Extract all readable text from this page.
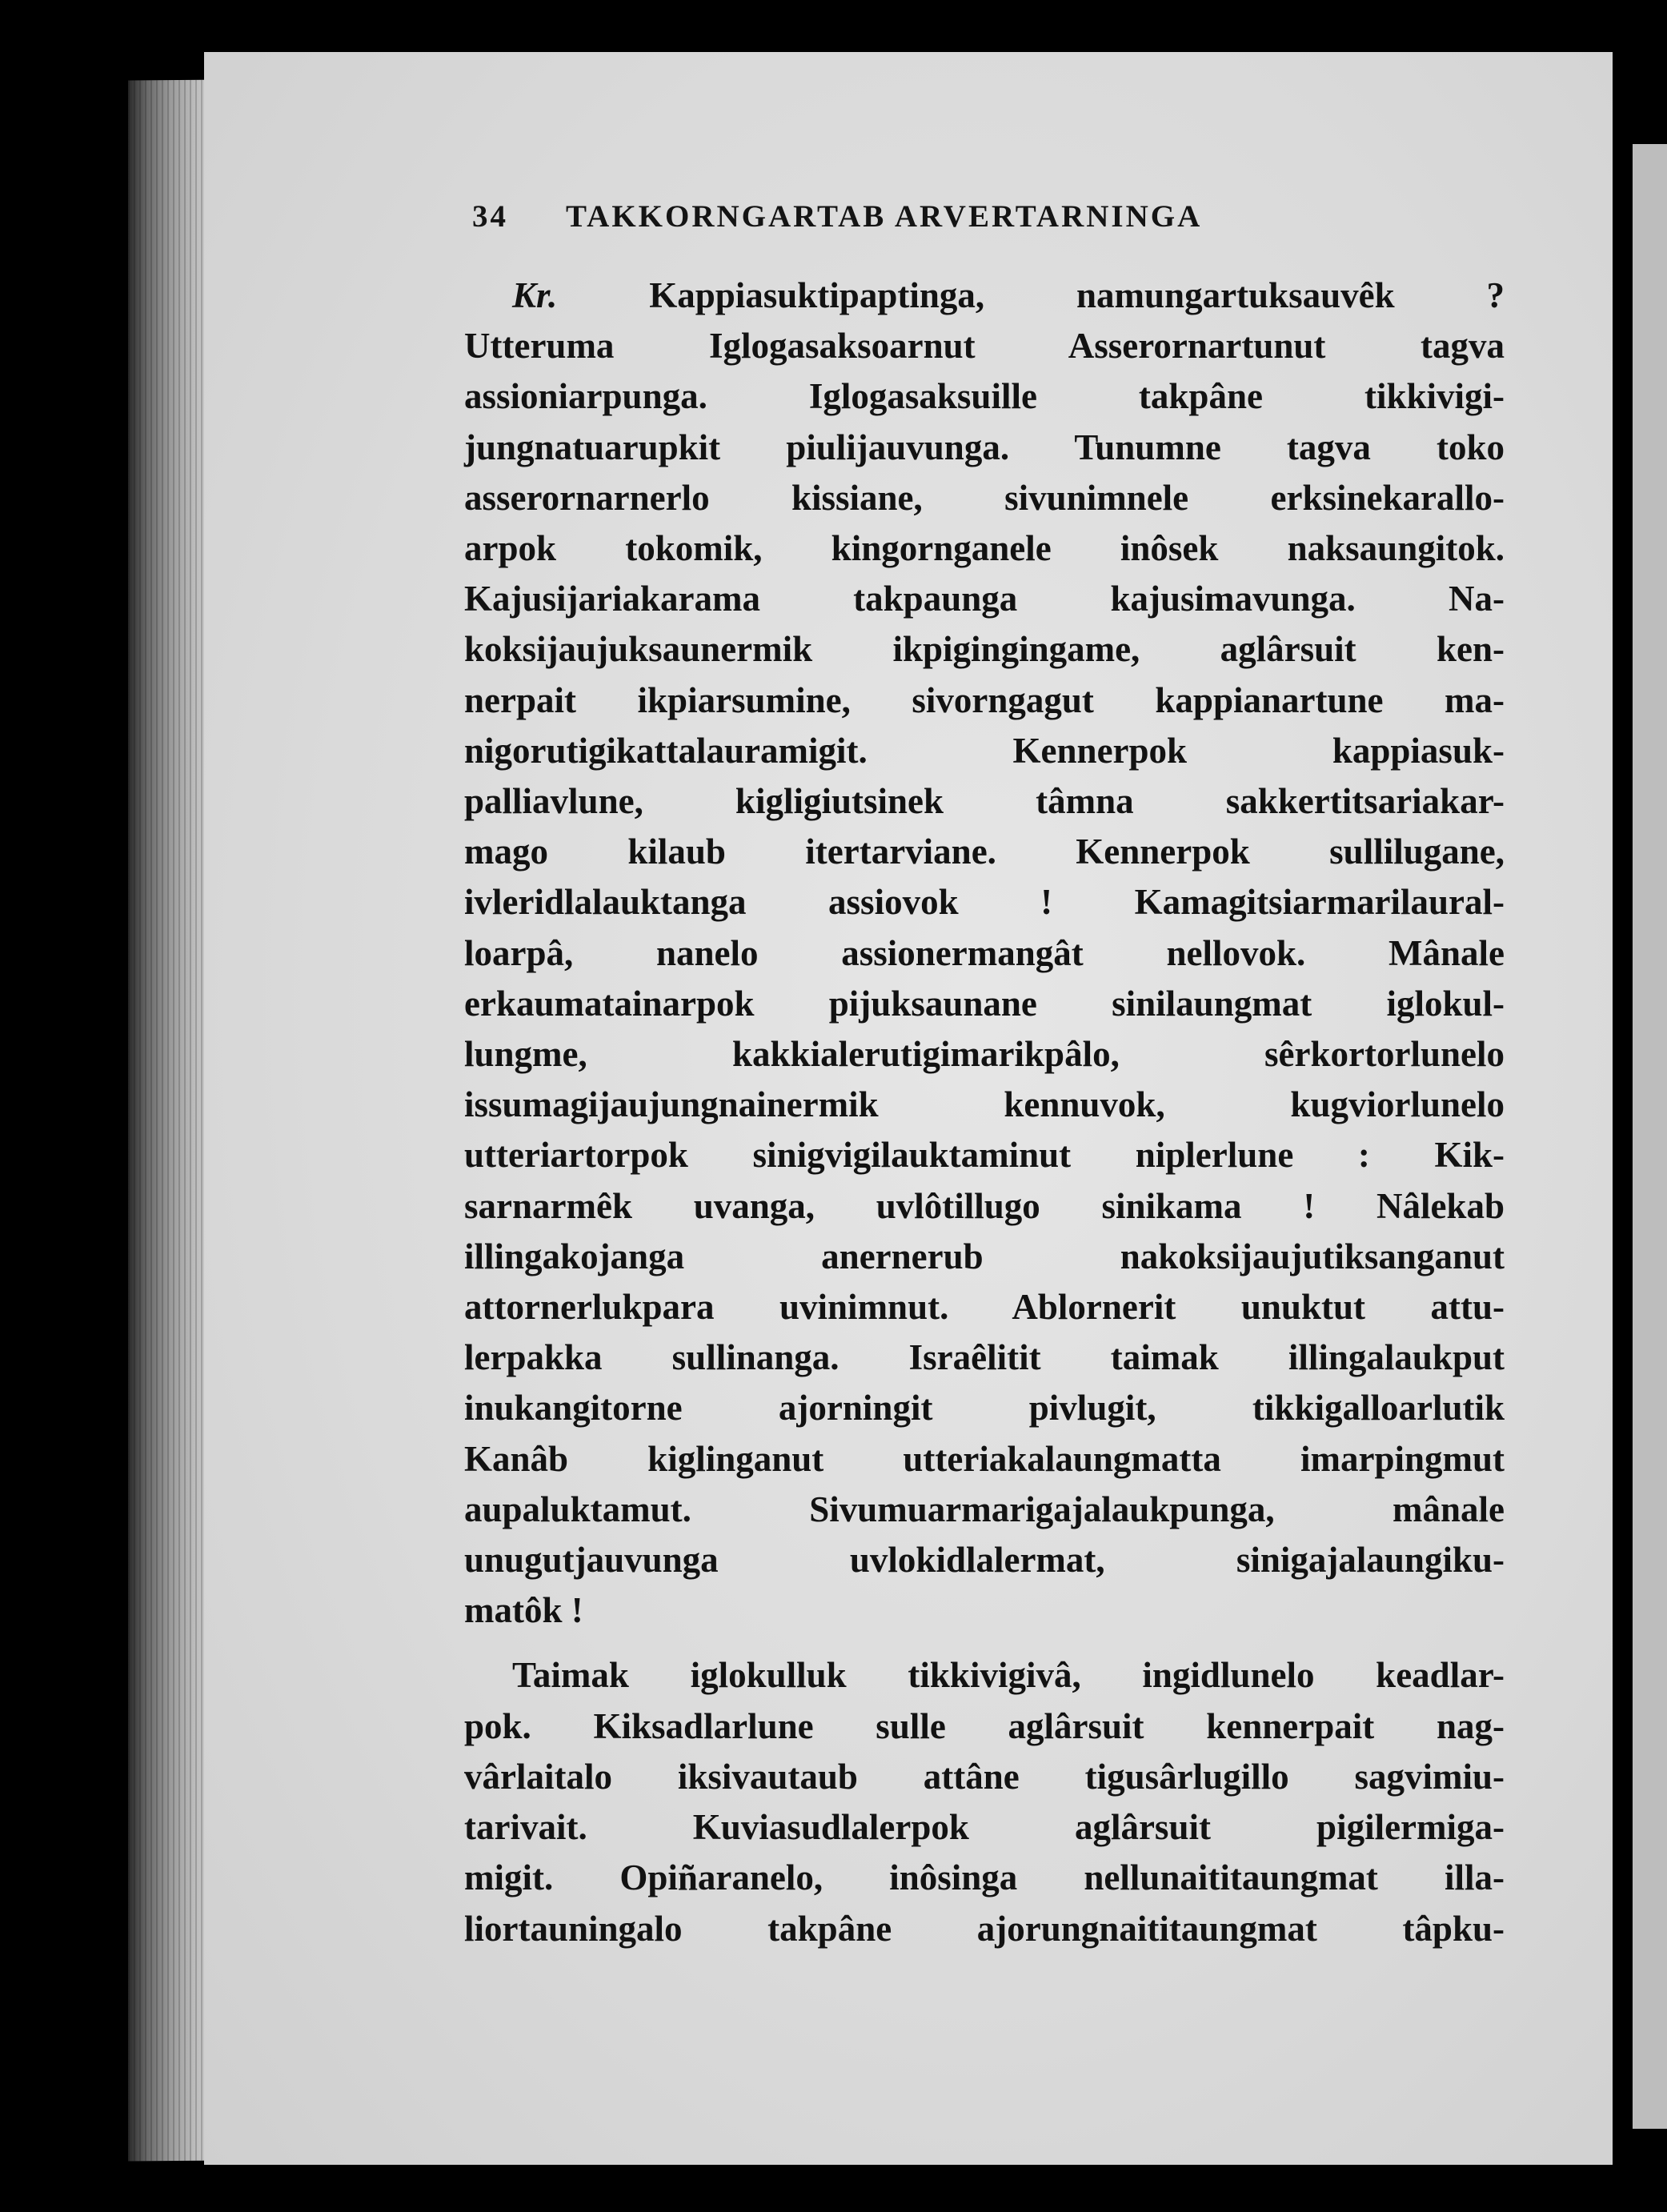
34 TAKKORNGARTAB ARVERTARNINGA
Kr.	Kappiasuktipaptinga, namungartuksauvêk ?
Utteruma Iglogasaksoarnut Asserornartunut tagva
assioniarpunga. Iglogasaksuille takpâne tikkivigi-
jungnatuarupkit piulijauvunga. Tunumne tagva toko
asserornarnerlo kissiane, sivunimnele erksinekarallo-
arpok tokomik, kingornganele inôsek naksaungitok.
Kajusijariakarama takpaunga kajusimavunga. Na-
koksijaujuksaunermik ikpigingingame, aglârsuit ken-
nerpait ikpiarsumine, sivorngagut kappianartune ma-
nigorutigikattalauramigit. Kennerpok kappiasuk-
palliavlune, kigligiutsinek tâmna sakkertitsariakar-
mago kilaub itertarviane. Kennerpok sullilugane,
ivleridlalauktanga assiovok ! Kamagitsiarmarilaural-
loarpâ, nanelo assionermangât nellovok. Mânale
erkaumatainarpok pijuksaunane sinilaungmat iglokul-
lungme, kakkialerutigimarikpâlo, sêrkortorlunelo
issumagijaujungnainermik kennuvok, kugviorlunelo
utteriartorpok sinigvigilauktaminut niplerlune : Kik-
sarnarmêk uvanga, uvlôtillugo sinikama ! Nâlekab
illingakojanga anernerub nakoksijaujutiksanganut
attornerlukpara uvinimnut. Ablornerit unuktut attu-
lerpakka sullinanga. Israêlitit taimak illingalaukput
inukangitorne ajorningit pivlugit, tikkigalloarlutik
Kanâb kiglinganut utteriakalaungmatta imarpingmut
aupaluktamut. Sivumuarmarigajalaukpunga, mânale
unugutjauvunga uvlokidlalermat, sinigajalaungiku-
matôk !
Taimak iglokulluk tikkivigivâ, ingidlunelo keadlar-
pok. Kiksadlarlune sulle aglârsuit kennerpait nag-
vârlaitalo iksivautaub attâne tigusârlugillo sagvimiu-
tarivait. Kuviasudlalerpok aglârsuit pigilermiga-
migit. Opiñaranelo, inôsinga nellunaititaungmat illa-
liortauningalo takpâne ajorungnaititaungmat tâpku-
